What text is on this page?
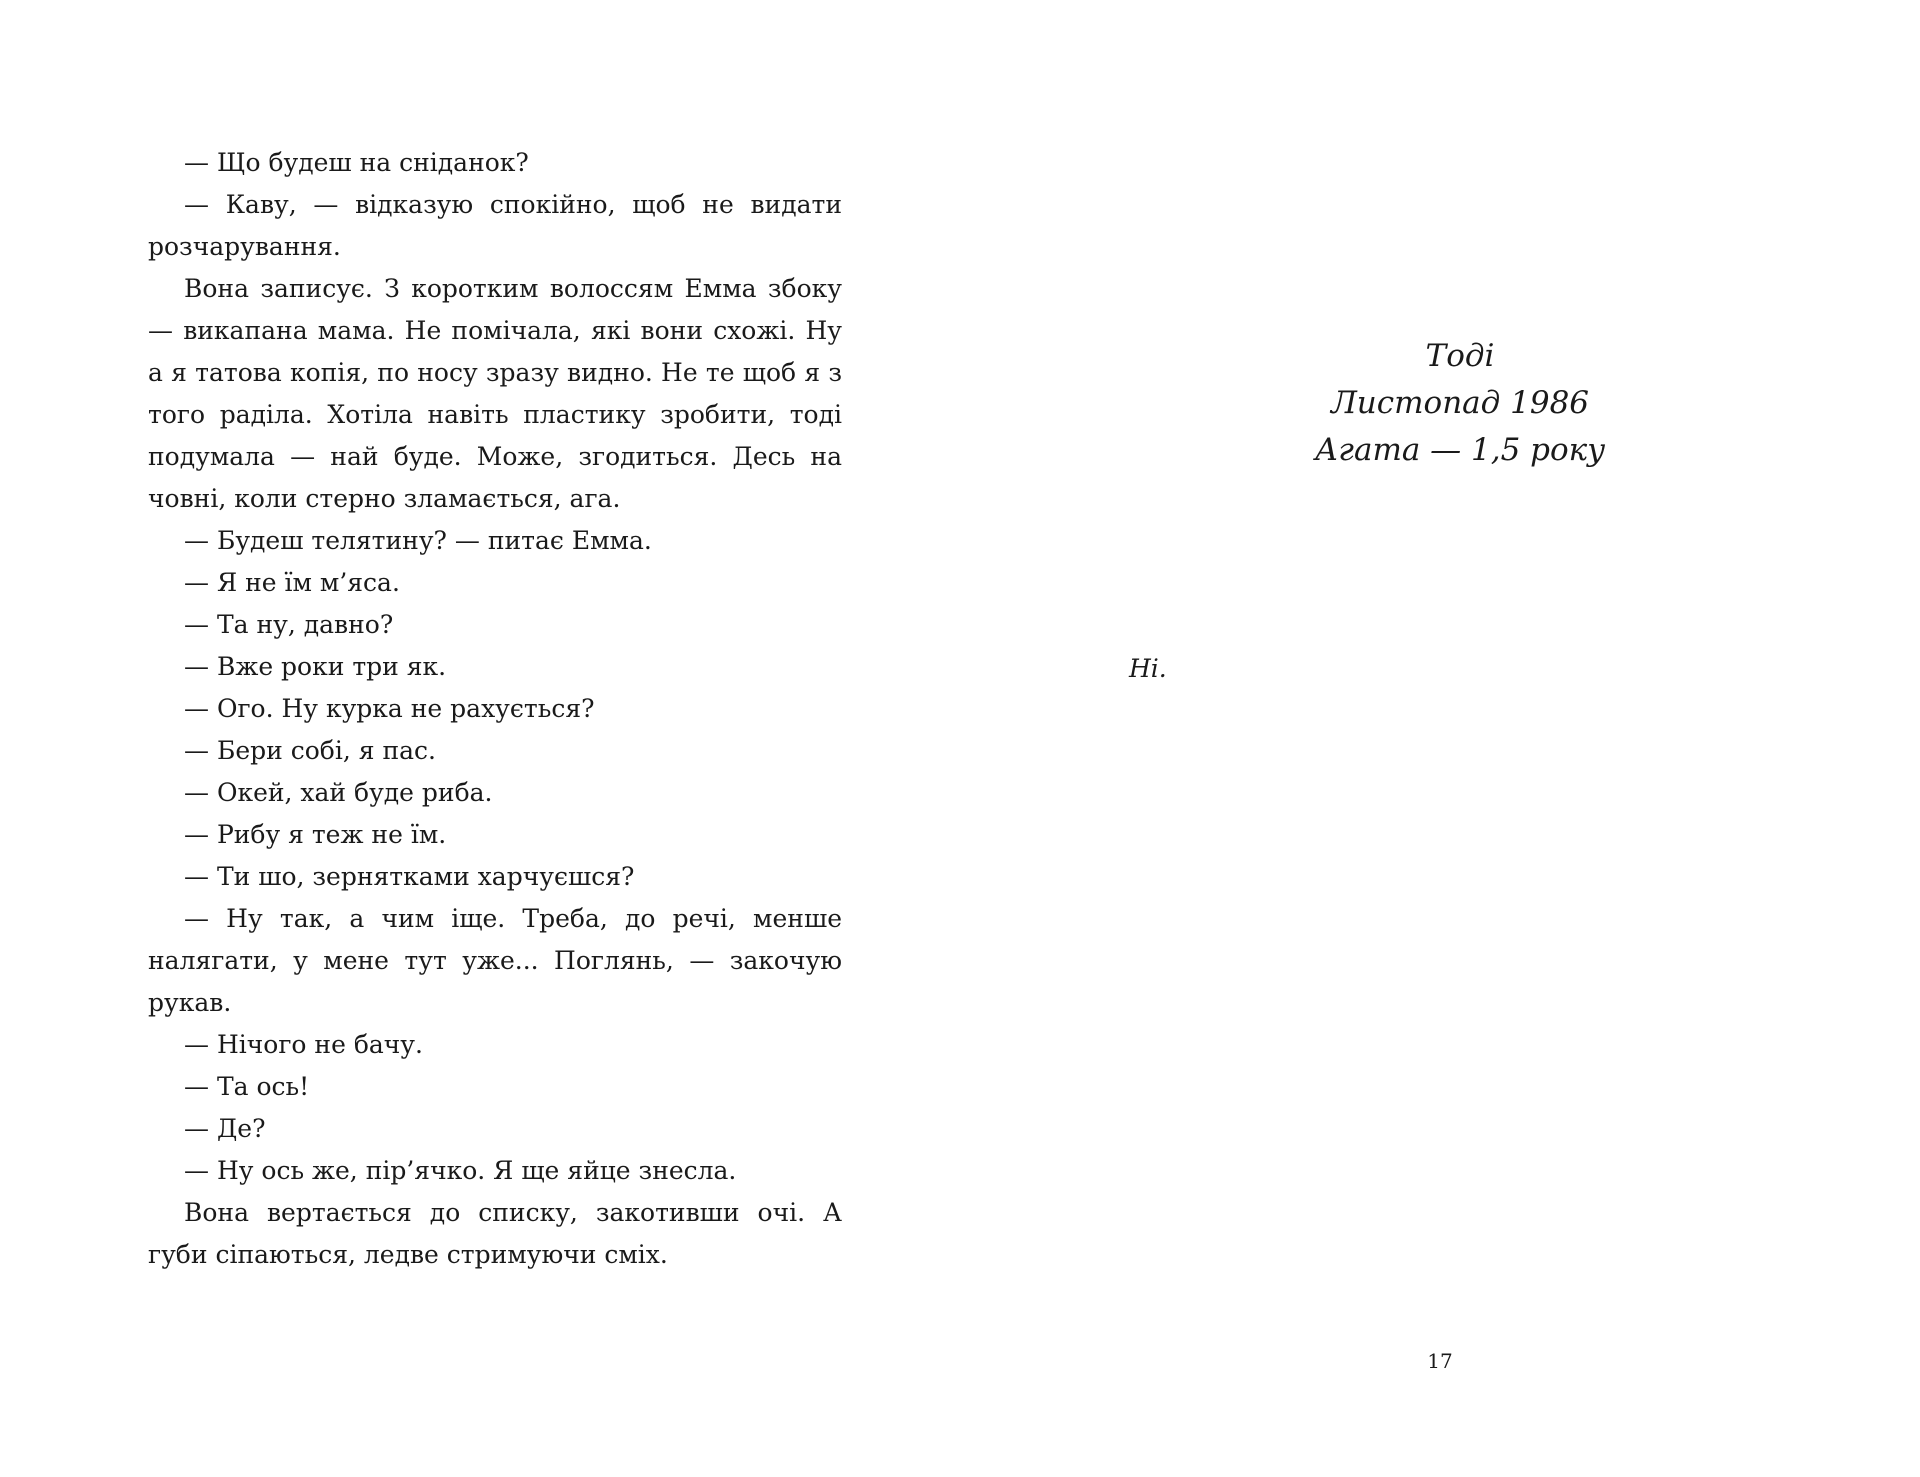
— Що будеш на сніданок?

— Каву, — відказую спокійно, щоб не видати розчарування.

Вона записує. З коротким волоссям Емма збоку — викапана мама. Не помічала, які вони схожі. Ну а я татова копія, по носу зразу видно. Не те щоб я з того раділа. Хотіла навіть пластику зробити, тоді подумала — най буде. Може, згодиться. Десь на човні, коли стерно зламається, ага.

— Будеш телятину? — питає Емма.

— Я не їм м’яса.

— Та ну, давно?

— Вже роки три як.

— Ого. Ну курка не рахується?

— Бери собі, я пас.

— Окей, хай буде риба.

— Рибу я теж не їм.

— Ти шо, зернятками харчуєшся?

— Ну так, а чим іще. Треба, до речі, менше налягати, у мене тут уже... Поглянь, — закочую рукав.

— Нічого не бачу.

— Та ось!

— Де?

— Ну ось же, пір’ячко. Я ще яйце знесла.

Вона вертається до списку, закотивши очі. А губи сіпаються, ледве стримуючи сміх.

Тоді
Листопад 1986
Агата — 1,5 року
Ні.
17
